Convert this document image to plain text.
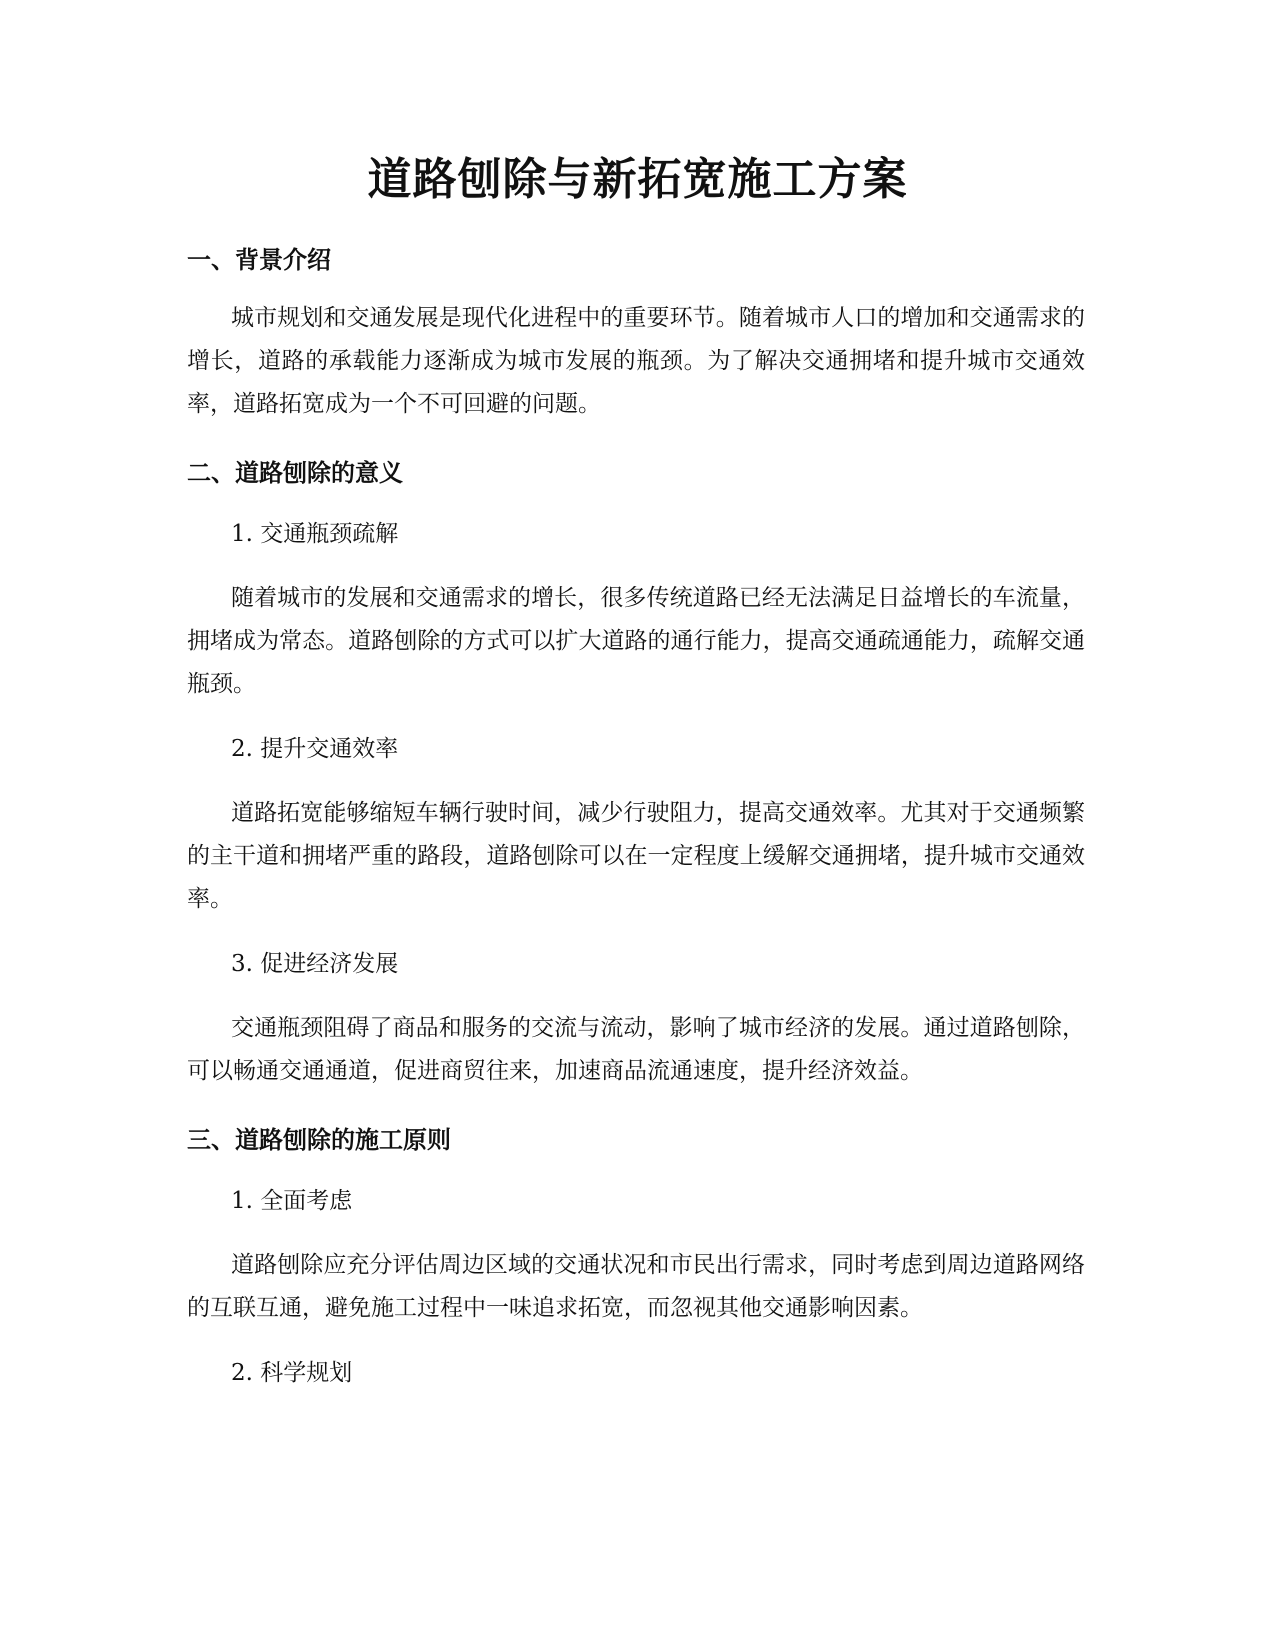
道路刨除与新拓宽施工方案
一、背景介绍

城市规划和交通发展是现代化进程中的重要环节。随着城市人口的增加和交通需求的增长，道路的承载能力逐渐成为城市发展的瓶颈。为了解决交通拥堵和提升城市交通效率，道路拓宽成为一个不可回避的问题。

二、道路刨除的意义
1. 交通瓶颈疏解

随着城市的发展和交通需求的增长，很多传统道路已经无法满足日益增长的车流量，拥堵成为常态。道路刨除的方式可以扩大道路的通行能力，提高交通疏通能力，疏解交通瓶颈。

2. 提升交通效率

道路拓宽能够缩短车辆行驶时间，减少行驶阻力，提高交通效率。尤其对于交通频繁的主干道和拥堵严重的路段，道路刨除可以在一定程度上缓解交通拥堵，提升城市交通效率。

3. 促进经济发展

交通瓶颈阻碍了商品和服务的交流与流动，影响了城市经济的发展。通过道路刨除，可以畅通交通通道，促进商贸往来，加速商品流通速度，提升经济效益。

三、道路刨除的施工原则
1. 全面考虑

道路刨除应充分评估周边区域的交通状况和市民出行需求，同时考虑到周边道路网络的互联互通，避免施工过程中一味追求拓宽，而忽视其他交通影响因素。

2. 科学规划
